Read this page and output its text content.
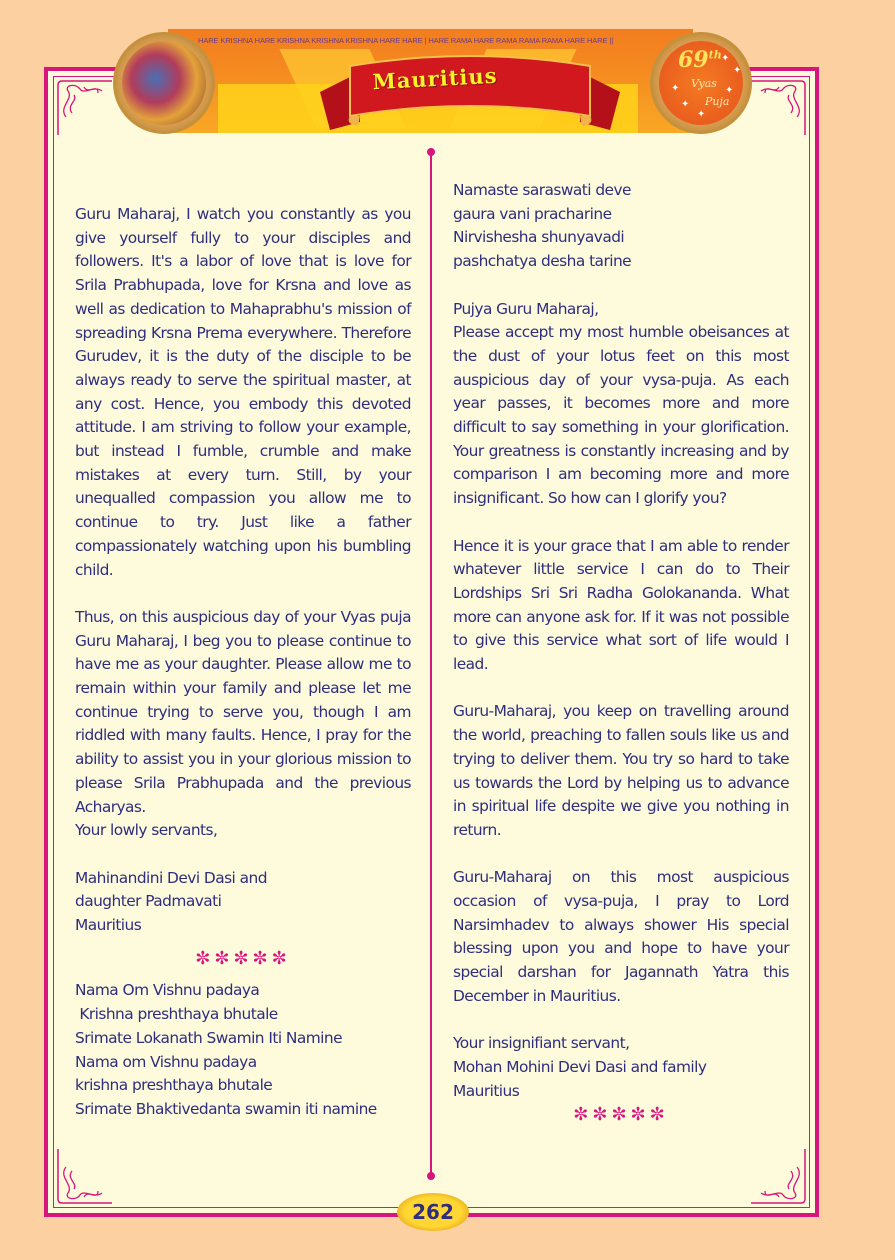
HARE KRISHNA HARE KRISHNA KRISHNA KRISHNA HARE HARE | HARE RAMA HARE RAMA RAMA RAMA HARE HARE ||
Mauritius
69th
Vyas
Puja
✦
✦
✦	✦
✦
✦

Guru Maharaj, I watch you constantly as you give yourself fully to your disciples and followers. It's a labor of love that is love for Srila Prabhupada, love for Krsna and love as well as dedication to Mahaprabhu's mission of spreading Krsna Prema everywhere. Therefore Gurudev, it is the duty of the disciple to be always ready to serve the spiritual master, at any cost. Hence, you embody this devoted attitude. I am striving to follow your example, but instead I fumble, crumble and make mistakes at every turn. Still, by your unequalled compassion you allow me to continue to try. Just like a father compassionately watching upon his bumbling child.

Thus, on this auspicious day of your Vyas puja Guru Maharaj, I beg you to please continue to have me as your daughter. Please allow me to remain within your family and please let me continue trying to serve you, though I am riddled with many faults. Hence, I pray for the ability to assist you in your glorious mission to please Srila Prabhupada and the previous Acharyas.

Your lowly servants,
Mahinandini Devi Dasi and
daughter Padmavati
Mauritius
✼✼✼✼✼
Nama Om Vishnu padaya
Krishna preshthaya bhutale
Srimate Lokanath Swamin Iti Namine
Nama om Vishnu padaya
krishna preshthaya bhutale
Srimate Bhaktivedanta swamin iti namine
Namaste saraswati deve
gaura vani pracharine
Nirvishesha shunyavadi
pashchatya desha tarine
Pujya Guru Maharaj,

Please accept my most humble obeisances at the dust of your lotus feet on this most auspicious day of your vysa-puja. As each year passes, it becomes more and more difficult to say something in your glorification. Your greatness is constantly increasing and by comparison I am becoming more and more insignificant. So how can I glorify you?

Hence it is your grace that I am able to render whatever little service I can do to Their Lordships Sri Sri Radha Golokananda. What more can anyone ask for. If it was not possible to give this service what sort of life would I lead.

Guru-Maharaj, you keep on travelling around the world, preaching to fallen souls like us and trying to deliver them. You try so hard to take us towards the Lord by helping us to advance in spiritual life despite we give you nothing in return.

Guru-Maharaj on this most auspicious occasion of vysa-puja, I pray to Lord Narsimhadev to always shower His special blessing upon you and hope to have your special darshan for Jagannath Yatra this December in Mauritius.

Your insignifiant servant,
Mohan Mohini Devi Dasi and family
Mauritius
✼✼✼✼✼
262
